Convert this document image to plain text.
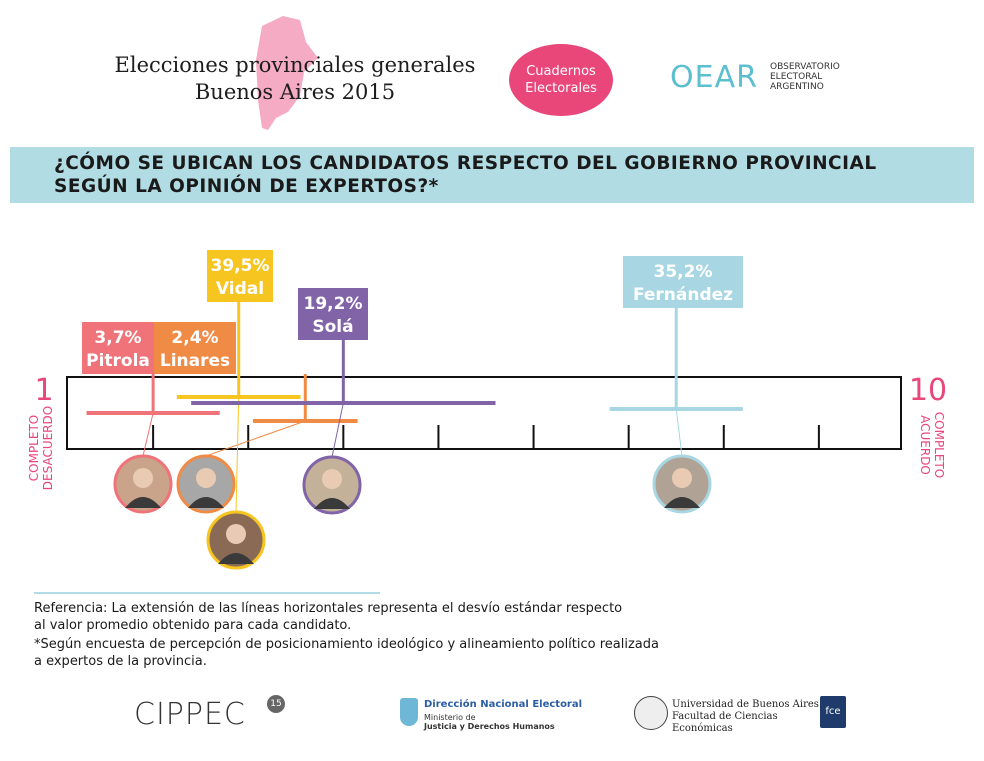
Elecciones provinciales generales
Buenos Aires 2015
Cuadernos
Electorales OEAR OBSERVATORIO
ELECTORAL
ARGENTINO
¿CÓMO SE UBICAN LOS CANDIDATOS RESPECTO DEL GOBIERNO PROVINCIAL
SEGÚN LA OPINIÓN DE EXPERTOS?*
1	10
COMPLETO DESACUERDO	COMPLETO
ACUERDO
3,7%
Pitrola
2,4%
Linares
39,5%
Vidal
19,2%
Solá
35,2%
Fernández
Referencia: La extensión de las líneas horizontales representa el desvío estándar respecto
al valor promedio obtenido para cada candidato.
*Según encuesta de percepción de posicionamiento ideológico y alineamiento político realizada
a expertos de la provincia.
CIPPEC	15	Dirección Nacional Electoral
Ministerio de
Justicia y Derechos Humanos
Universidad de Buenos Aires
Facultad de Ciencias Económicas
fce
